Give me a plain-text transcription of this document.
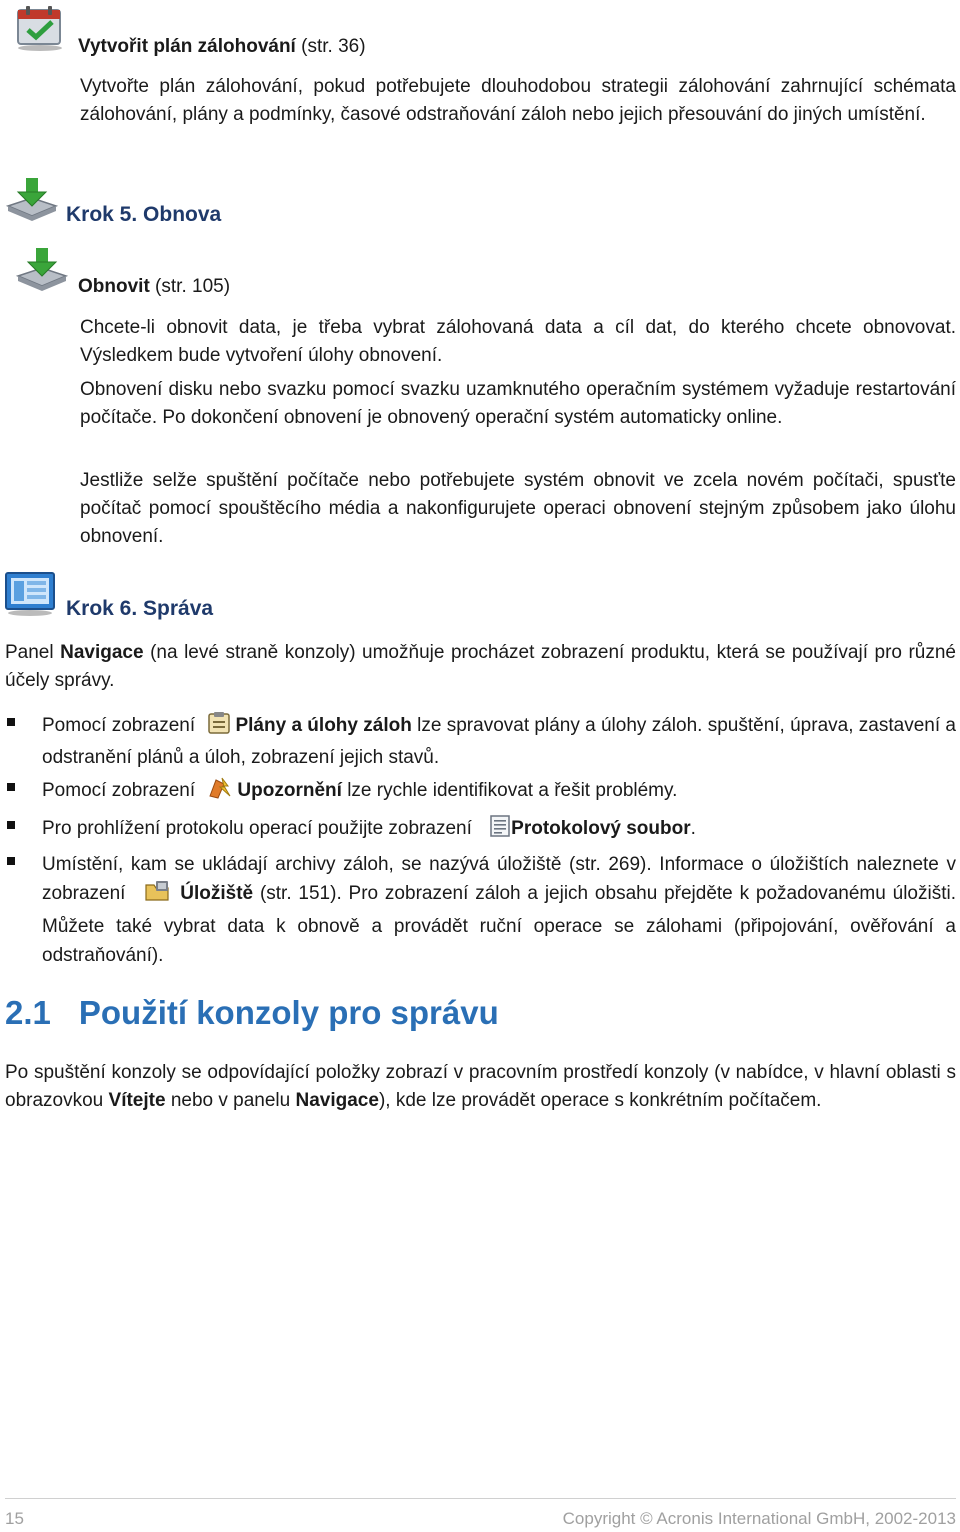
Vytvořit plán zálohování (str. 36)
Vytvořte plán zálohování, pokud potřebujete dlouhodobou strategii zálohování zahrnující schémata zálohování, plány a podmínky, časové odstraňování záloh nebo jejich přesouvání do jiných umístění.
Krok 5. Obnova
Obnovit (str. 105)
Chcete-li obnovit data, je třeba vybrat zálohovaná data a cíl dat, do kterého chcete obnovovat. Výsledkem bude vytvoření úlohy obnovení.
Obnovení disku nebo svazku pomocí svazku uzamknutého operačním systémem vyžaduje restartování počítače. Po dokončení obnovení je obnovený operační systém automaticky online.
Jestliže selže spuštění počítače nebo potřebujete systém obnovit ve zcela novém počítači, spusťte počítač pomocí spouštěcího média a nakonfigurujete operaci obnovení stejným způsobem jako úlohu obnovení.
Krok 6. Správa
Panel Navigace (na levé straně konzoly) umožňuje procházet zobrazení produktu, která se používají pro různé účely správy.
Pomocí zobrazení Plány a úlohy záloh lze spravovat plány a úlohy záloh. spuštění, úprava, zastavení a odstranění plánů a úloh, zobrazení jejich stavů.
Pomocí zobrazení Upozornění lze rychle identifikovat a řešit problémy.
Pro prohlížení protokolu operací použijte zobrazení Protokolový soubor.
Umístění, kam se ukládají archivy záloh, se nazývá úložiště (str. 269). Informace o úložištích naleznete v zobrazení	Úložiště (str. 151). Pro zobrazení záloh a jejich obsahu přejděte k požadovanému úložišti. Můžete také vybrat data k obnově a provádět ruční operace se zálohami (připojování, ověřování a odstraňování).
2.1 Použití konzoly pro správu
Po spuštění konzoly se odpovídající položky zobrazí v pracovním prostředí konzoly (v nabídce, v hlavní oblasti s obrazovkou Vítejte nebo v panelu Navigace), kde lze provádět operace s konkrétním počítačem.
15	Copyright © Acronis International GmbH, 2002-2013
